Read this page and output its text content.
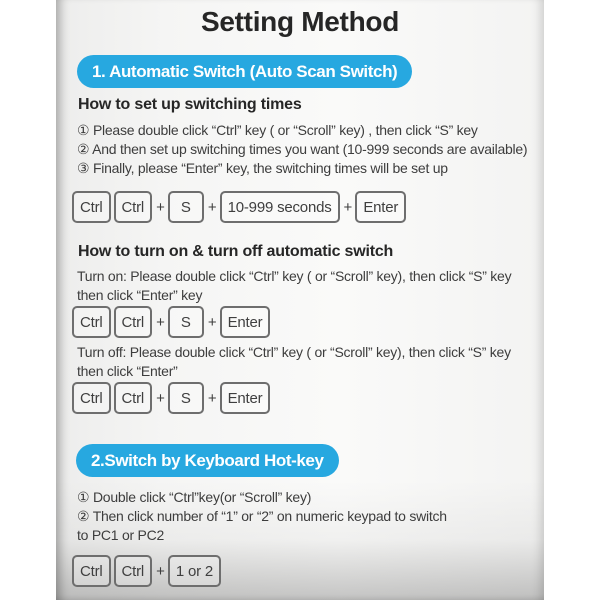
Setting Method
1. Automatic Switch (Auto Scan Switch)
How to set up switching times
① Please double click “Ctrl” key ( or “Scroll” key) , then click “S” key
② And then set up switching times you want (10-999 seconds are available)
③ Finally, please “Enter” key, the switching times will be set up
Ctrl	Ctrl +	S	+ 10-999 seconds + Enter
How to turn on & turn off automatic switch
Turn on: Please double click “Ctrl” key ( or “Scroll” key), then click “S” key
then click “Enter” key
Ctrl	Ctrl +	S	+ Enter
Turn off: Please double click “Ctrl” key ( or “Scroll” key), then click “S” key
then click “Enter”
Ctrl	Ctrl +	S	+ Enter
2.Switch by Keyboard Hot-key
① Double click “Ctrl”key(or “Scroll” key)
② Then click number of “1” or “2” on numeric keypad to switch
to PC1 or PC2
Ctrl	Ctrl + 1 or 2
